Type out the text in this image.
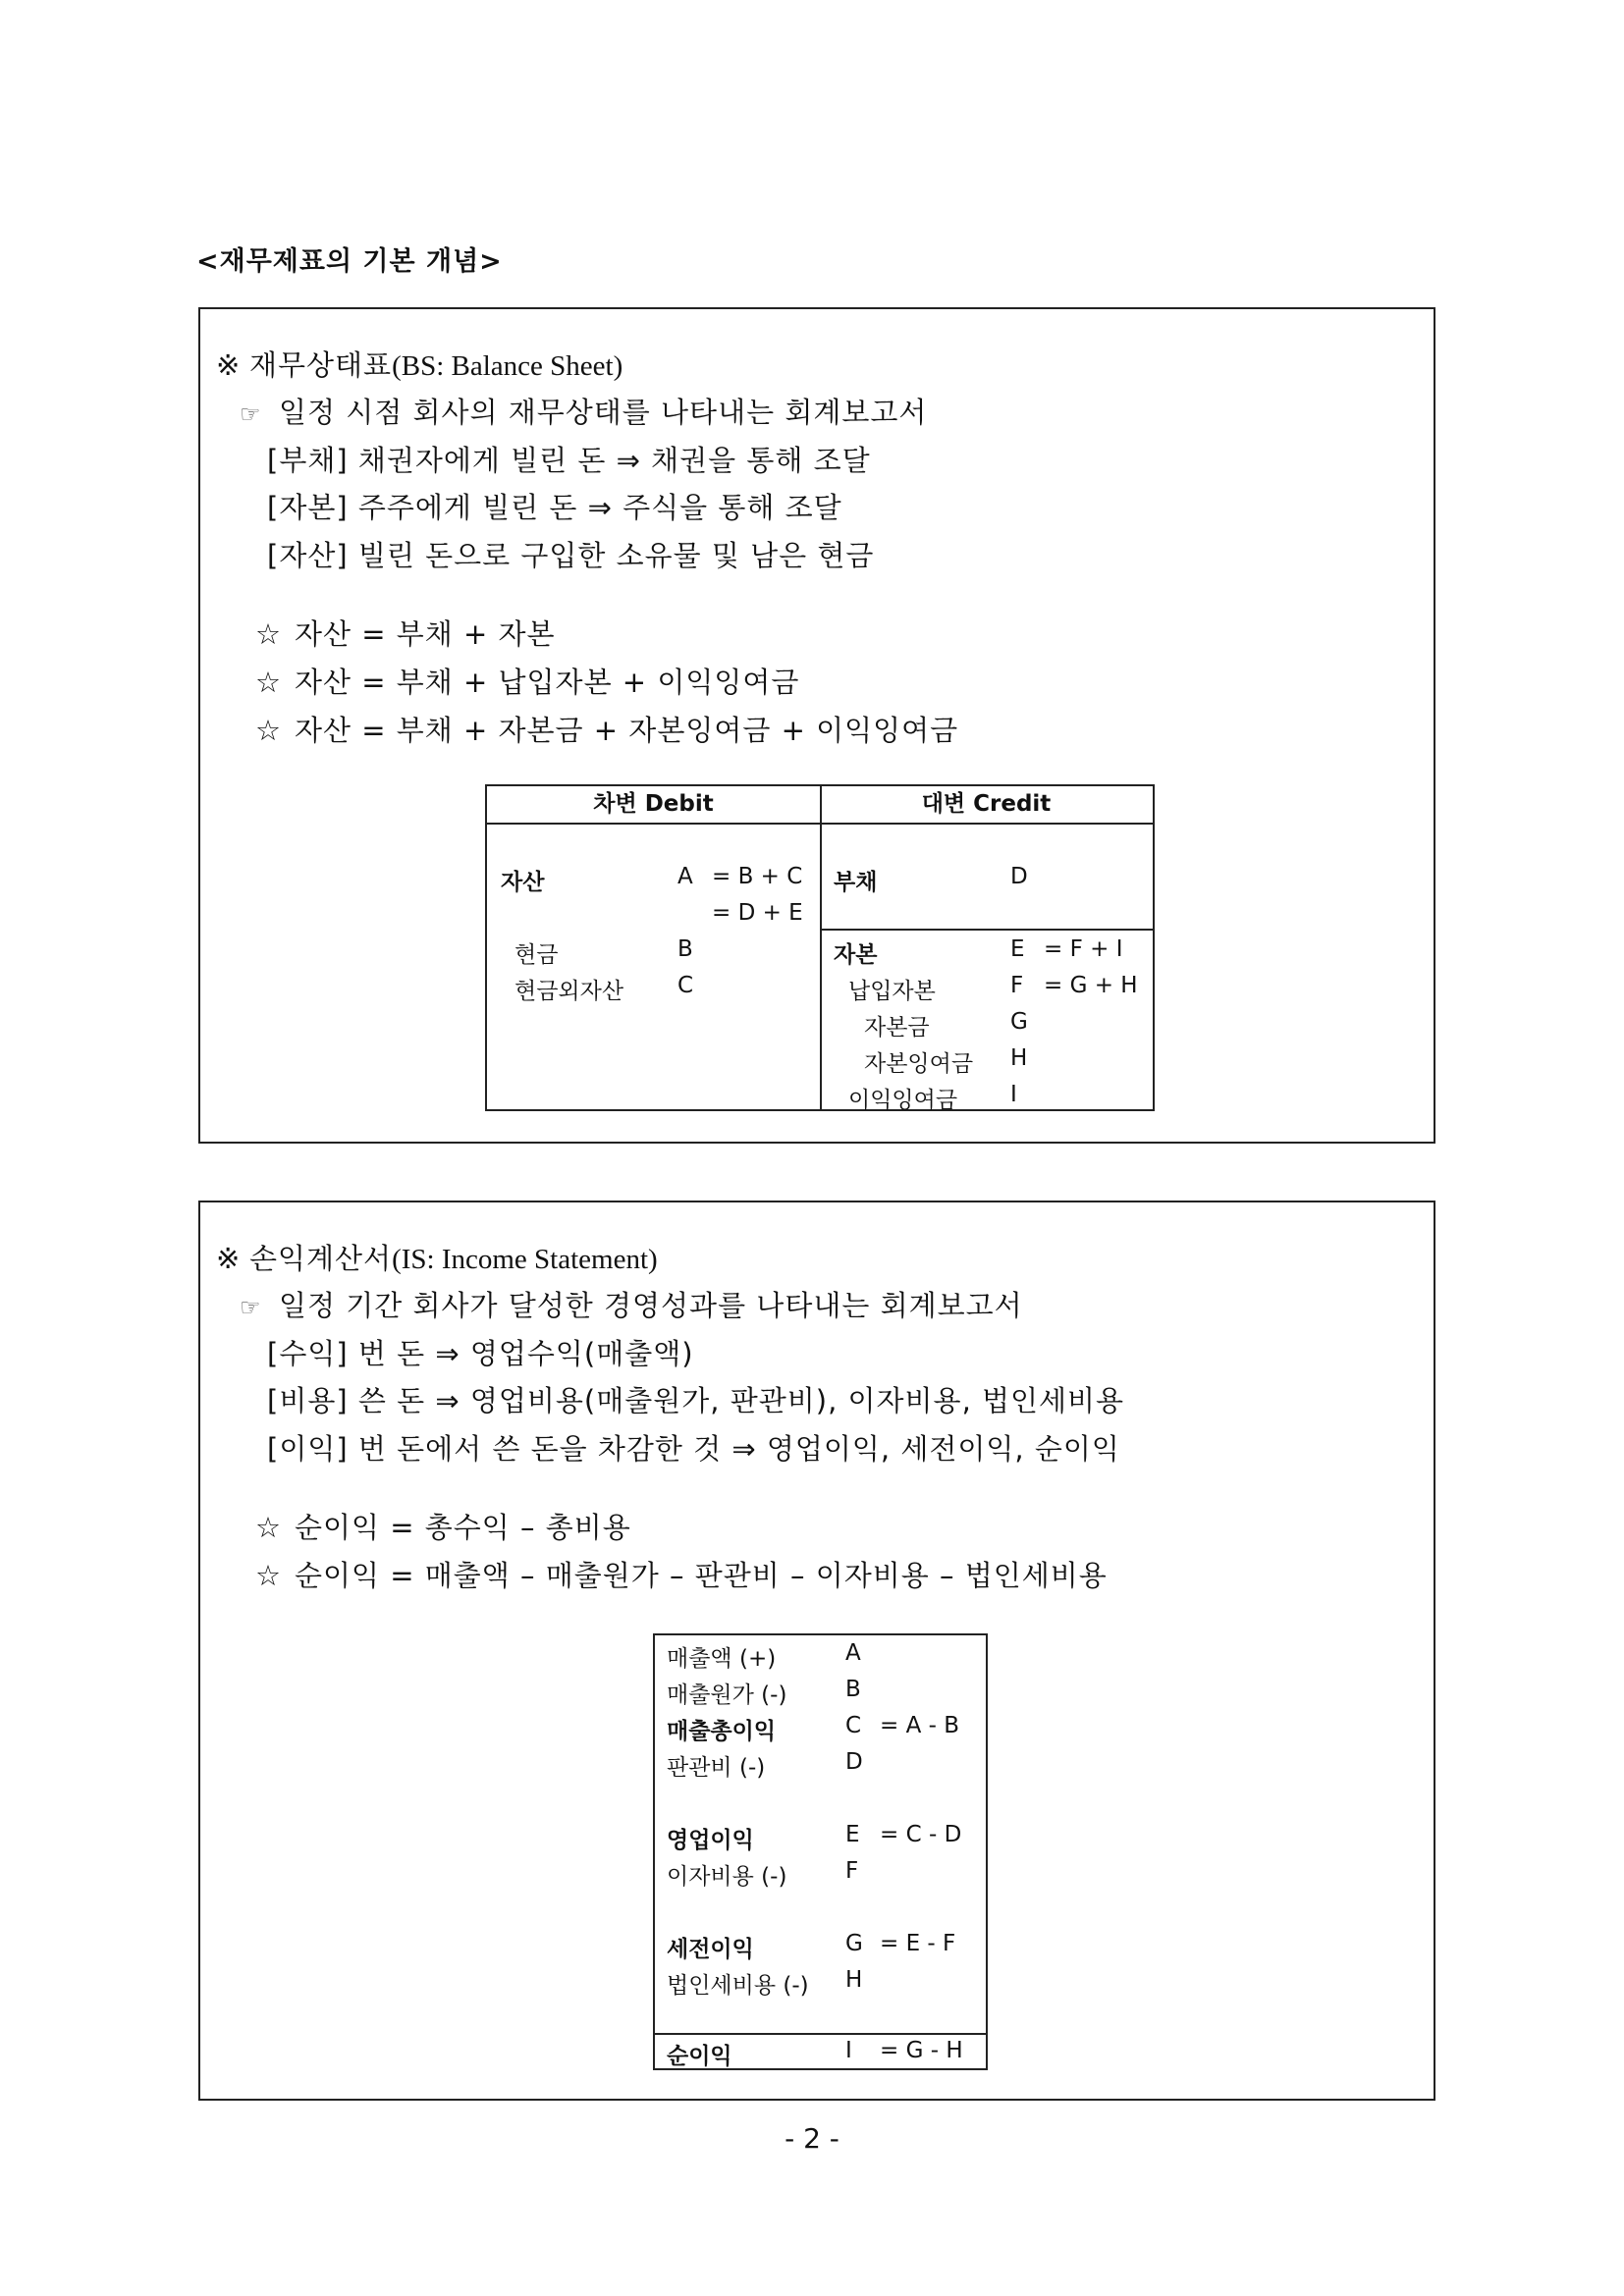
<재무제표의 기본 개념>
※ 재무상태표(BS: Balance Sheet)
☞ 일정 시점 회사의 재무상태를 나타내는 회계보고서
[부채] 채권자에게 빌린 돈 ⇒ 채권을 통해 조달
[자본] 주주에게 빌린 돈 ⇒ 주식을 통해 조달
[자산] 빌린 돈으로 구입한 소유물 및 남은 현금
☆ 자산 = 부채 + 자본
☆ 자산 = 부채 + 납입자본 + 이익잉여금
☆ 자산 = 부채 + 자본금 + 자본잉여금 + 이익잉여금
차변 Debit	대변 Credit
자산	A = B + C
= D + E
현금	B
현금외자산 C
부채	D
자본	E = F + I
납입자본	F = G + H
자본금	G
자본잉여금 H
이익잉여금 I
※ 손익계산서(IS: Income Statement)
☞ 일정 기간 회사가 달성한 경영성과를 나타내는 회계보고서
[수익] 번 돈 ⇒ 영업수익(매출액)
[비용] 쓴 돈 ⇒ 영업비용(매출원가, 판관비), 이자비용, 법인세비용
[이익] 번 돈에서 쓴 돈을 차감한 것 ⇒ 영업이익, 세전이익, 순이익
☆ 순이익 = 총수익 – 총비용
☆ 순이익 = 매출액 – 매출원가 – 판관비 – 이자비용 – 법인세비용
매출액 (+)	A
매출원가 (-)	B
매출총이익	C = A - B
판관비 (-)	D
영업이익	E = C - D
이자비용 (-)	F
세전이익	G = E - F
법인세비용 (-) H
순이익	I = G - H
- 2 -
